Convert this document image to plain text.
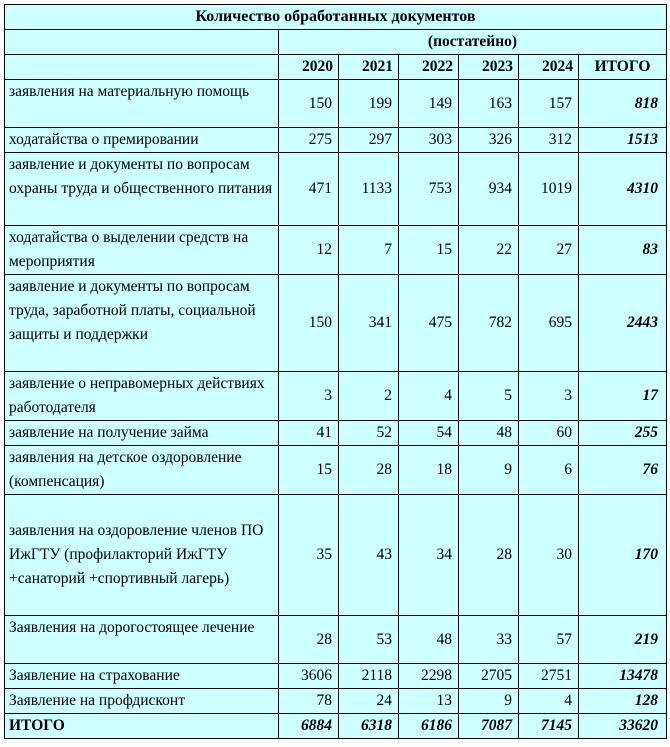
Количество обработанных документов						
	(постатейно)					
	2020	2021	2022	2023	2024	ИТОГО
заявления на материальную помощь	150	199	149	163	157	818
ходатайства о премировании	275	297	303	326	312	1513
заявление и документы по вопросам охраны труда и общественного питания	471	1133	753	934	1019	4310
ходатайства о выделении средств на мероприятия	12	7	15	22	27	83
заявление и документы по вопросам труда, заработной платы, социальной защиты и поддержки	150	341	475	782	695	2443
заявление о неправомерных действиях работодателя	3	2	4	5	3	17
заявление на получение займа	41	52	54	48	60	255
заявления на детское оздоровление (компенсация)	15	28	18	9	6	76
заявления на оздоровление членов ПО ИжГТУ (профилакторий ИжГТУ +санаторий +спортивный лагерь)	35	43	34	28	30	170
Заявления на дорогостоящее лечение	28	53	48	33	57	219
Заявление на страхование	3606	2118	2298	2705	2751	13478
Заявление на профдисконт	78	24	13	9	4	128
ИТОГО	6884	6318	6186	7087	7145	33620
